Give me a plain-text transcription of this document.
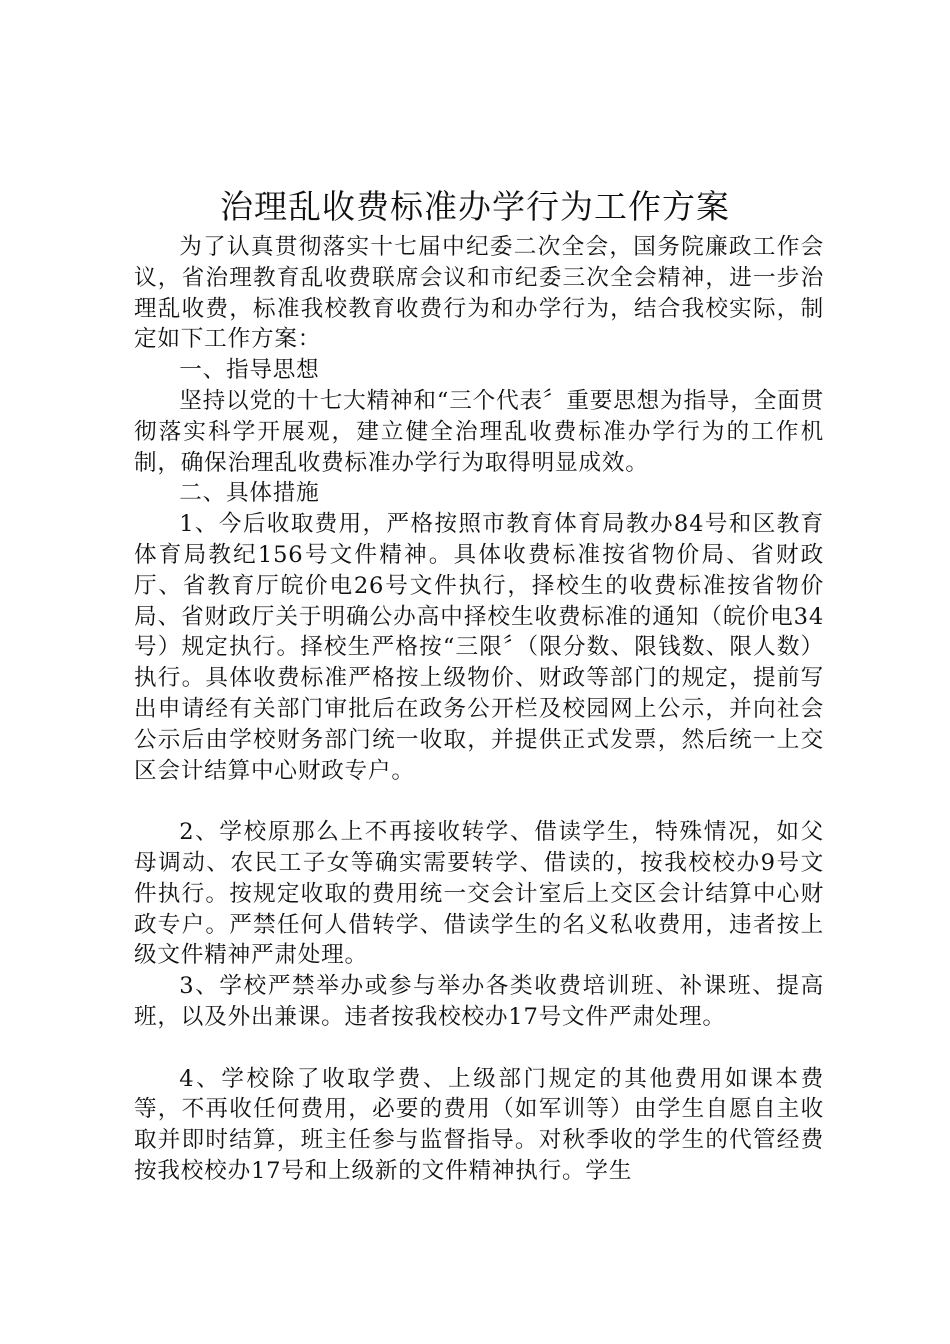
治理乱收费标准办学行为工作方案

为了认真贯彻落实十七届中纪委二次全会，国务院廉政工作会议，省治理教育乱收费联席会议和市纪委三次全会精神，进一步治理乱收费，标准我校教育收费行为和办学行为，结合我校实际，制定如下工作方案：

一、指导思想

坚持以党的十七大精神和“三个代表〞重要思想为指导，全面贯彻落实科学开展观，建立健全治理乱收费标准办学行为的工作机制，确保治理乱收费标准办学行为取得明显成效。

二、具体措施

1、今后收取费用，严格按照市教育体育局教办84号和区教育体育局教纪156号文件精神。具体收费标准按省物价局、省财政厅、省教育厅皖价电26号文件执行，择校生的收费标准按省物价局、省财政厅关于明确公办高中择校生收费标准的通知（皖价电34号）规定执行。择校生严格按“三限〞（限分数、限钱数、限人数）执行。具体收费标准严格按上级物价、财政等部门的规定，提前写出申请经有关部门审批后在政务公开栏及校园网上公示，并向社会公示后由学校财务部门统一收取，并提供正式发票，然后统一上交区会计结算中心财政专户。

2、学校原那么上不再接收转学、借读学生，特殊情况，如父母调动、农民工子女等确实需要转学、借读的，按我校校办9号文件执行。按规定收取的费用统一交会计室后上交区会计结算中心财政专户。严禁任何人借转学、借读学生的名义私收费用，违者按上级文件精神严肃处理。

3、学校严禁举办或参与举办各类收费培训班、补课班、提高班，以及外出兼课。违者按我校校办17号文件严肃处理。

4、学校除了收取学费、上级部门规定的其他费用如课本费等，不再收任何费用，必要的费用（如军训等）由学生自愿自主收取并即时结算，班主任参与监督指导。对秋季收的学生的代管经费按我校校办17号和上级新的文件精神执行。学生
